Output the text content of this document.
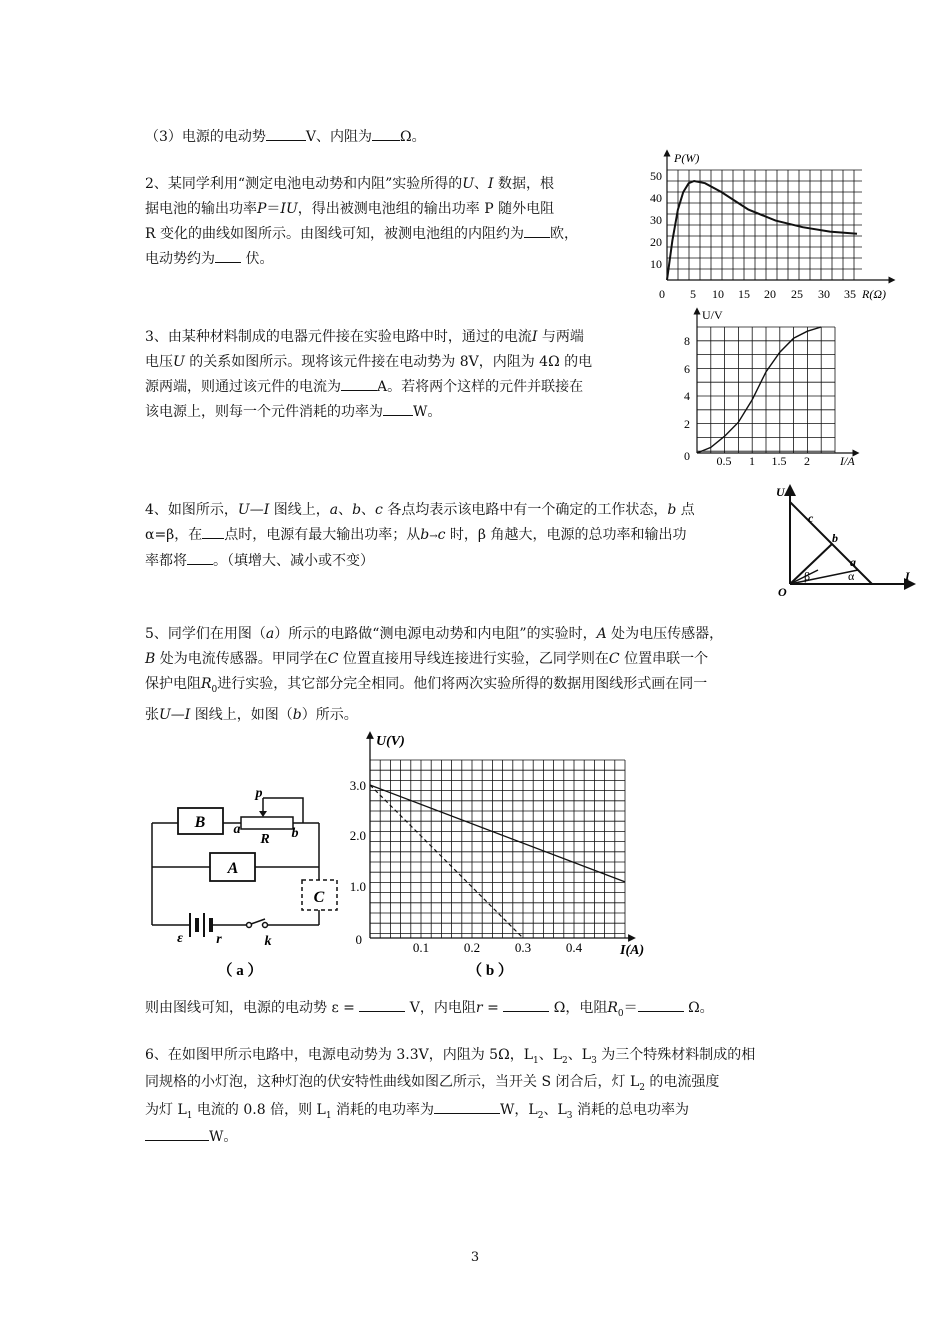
（3）电源的电动势	V、内阻为 Ω。

2、某同学利用“测定电池电动势和内阻”实验所得的U、I 数据，根
据电池的输出功率P＝IU，得出被测电池组的输出功率 P 随外电阻
R 变化的曲线如图所示。由图线可知，被测电池组的内阻约为 欧，
电动势约为 伏。

P(W)
R(Ω)
50
40
30
20
10
0 5 10 15 20 25 30 35

3、由某种材料制成的电器元件接在实验电路中时，通过的电流I 与两端
电压U 的关系如图所示。现将该元件接在电动势为 8V，内阻为 4Ω 的电
源两端，则通过该元件的电流为	A。若将两个这样的元件并联接在
该电源上，则每一个元件消耗的功率为 W。

U/V
I/A
8
6
4
2
0 0.5 1 1.5 2

4、如图所示，U—I 图线上，a、b、c 各点均表示该电路中有一个确定的工作状态，b 点
α=β，在 点时，电源有最大输出功率；从b→c 时，β 角越大，电源的总功率和输出功
率都将 。（填增大、减小或不变）

U
I
O
c
b
a
β	α

5、同学们在用图（a）所示的电路做“测电源电动势和内电阻”的实验时，A 处为电压传感器，
B 处为电流传感器。甲同学在C 位置直接用导线连接进行实验，乙同学则在C 位置串联一个
保护电阻$R_0$进行实验，其它部分完全相同。他们将两次实验所得的数据用图线形式画在同一
张U—I 图线上，如图（b）所示。

B
A
C
p
a
R b
ε r	k
（ a ）
U(V)
I(A)
3.0
2.0
1.0
0
0.1	0.2	0.3	0.4
（ b ）

则由图线可知，电源的电动势 ε =	V，内电阻r =	Ω，电阻$R_0=$	Ω。

6、在如图甲所示电路中，电源电动势为 3.3V，内阻为 5Ω，$L_1$、$L_2$、$L_3$ 为三个特殊材料制成的相
同规格的小灯泡，这种灯泡的伏安特性曲线如图乙所示，当开关 S 闭合后，灯 $L_2$ 的电流强度
为灯 $L_1$ 电流的 0.8 倍，则 $L_1$ 消耗的电功率为	W，$L_2$、$L_3$ 消耗的总电功率为
W。

3
